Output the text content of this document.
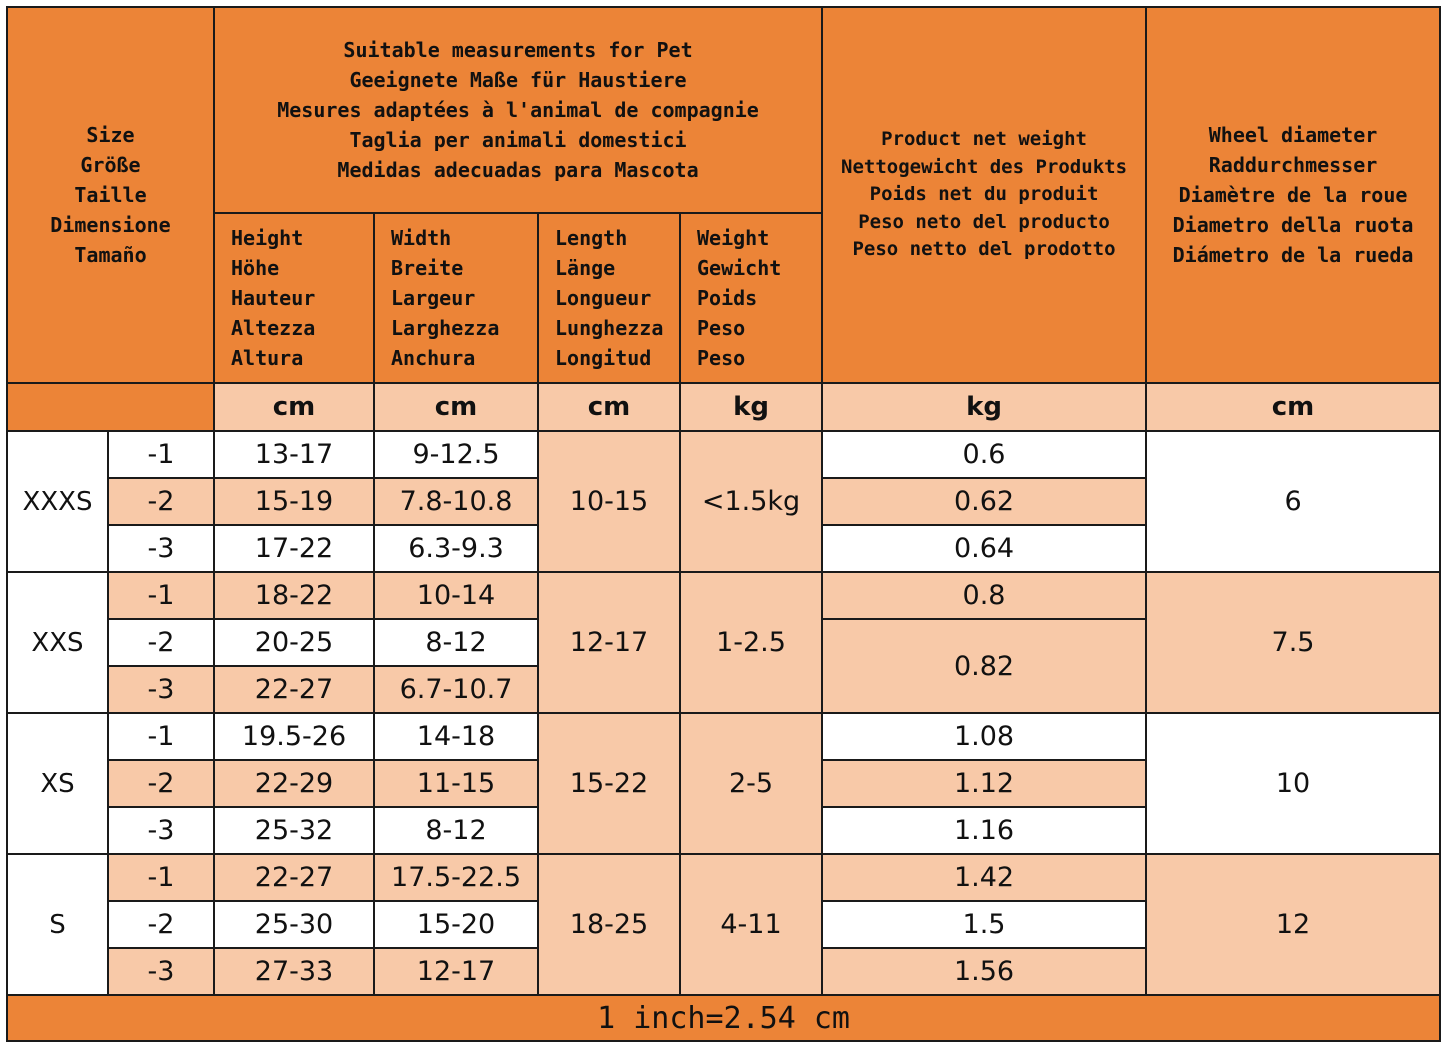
Size
Größe
Taille
Dimensione
Tamaño		Suitable measurements for Pet
Geeignete Maße für Haustiere
Mesures adaptées à l'animal de compagnie
Taglia per animali domestici
Medidas adecuadas para Mascota				Product net weight
Nettogewicht des Produkts
Poids net du produit
Peso neto del producto
Peso netto del prodotto	Wheel diameter
Raddurchmesser
Diamètre de la roue
Diametro della ruota
Diámetro de la rueda

		Height
Höhe
Hauteur
Altezza
Altura	Width
Breite
Largeur
Larghezza
Anchura	Length
Länge
Longueur
Lunghezza
Longitud	Weight
Gewicht
Poids
Peso
Peso		

		cm	cm	cm	kg	kg	cm
XXXS	-1	13-17	9-12.5	10-15	<1.5kg	0.6	6
	-2	15-19	7.8-10.8			0.62	
	-3	17-22	6.3-9.3			0.64	
XXS	-1	18-22	10-14	12-17	1-2.5	0.8	7.5
	-2	20-25	8-12			0.82	
	-3	22-27	6.7-10.7				
XS	-1	19.5-26	14-18	15-22	2-5	1.08	10
	-2	22-29	11-15			1.12	
	-3	25-32	8-12			1.16	
S	-1	22-27	17.5-22.5	18-25	4-11	1.42	12
	-2	25-30	15-20			1.5	
	-3	27-33	12-17			1.56	
1 inch=2.54 cm							
